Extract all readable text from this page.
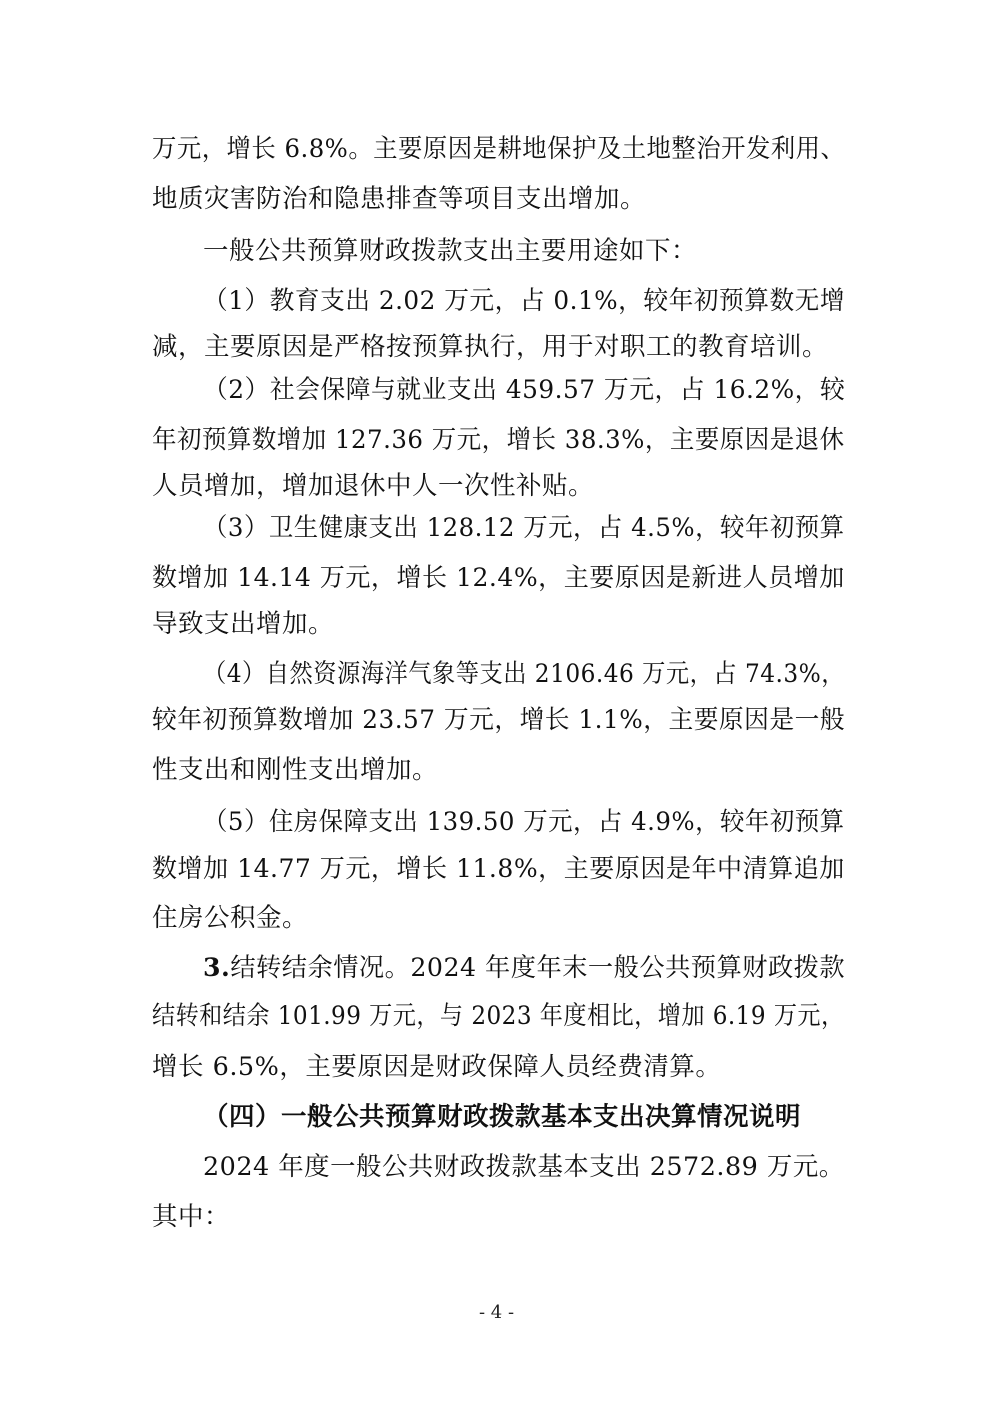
万元，增长 6.8%。主要原因是耕地保护及土地整治开发利用、
地质灾害防治和隐患排查等项目支出增加。
一般公共预算财政拨款支出主要用途如下：
（1）教育支出 2.02 万元，占 0.1%，较年初预算数无增
减，主要原因是严格按预算执行，用于对职工的教育培训。
（2）社会保障与就业支出 459.57 万元，占 16.2%，较
年初预算数增加 127.36 万元，增长 38.3%，主要原因是退休
人员增加，增加退休中人一次性补贴。
（3）卫生健康支出 128.12 万元，占 4.5%，较年初预算
数增加 14.14 万元，增长 12.4%，主要原因是新进人员增加
导致支出增加。
（4）自然资源海洋气象等支出 2106.46 万元，占 74.3%，
较年初预算数增加 23.57 万元，增长 1.1%，主要原因是一般
性支出和刚性支出增加。
（5）住房保障支出 139.50 万元，占 4.9%，较年初预算
数增加 14.77 万元，增长 11.8%，主要原因是年中清算追加
住房公积金。
3.结转结余情况。2024 年度年末一般公共预算财政拨款
结转和结余 101.99 万元，与 2023 年度相比，增加 6.19 万元，
增长 6.5%，主要原因是财政保障人员经费清算。
（四）一般公共预算财政拨款基本支出决算情况说明
2024 年度一般公共财政拨款基本支出 2572.89 万元。
其中：
- 4 -
